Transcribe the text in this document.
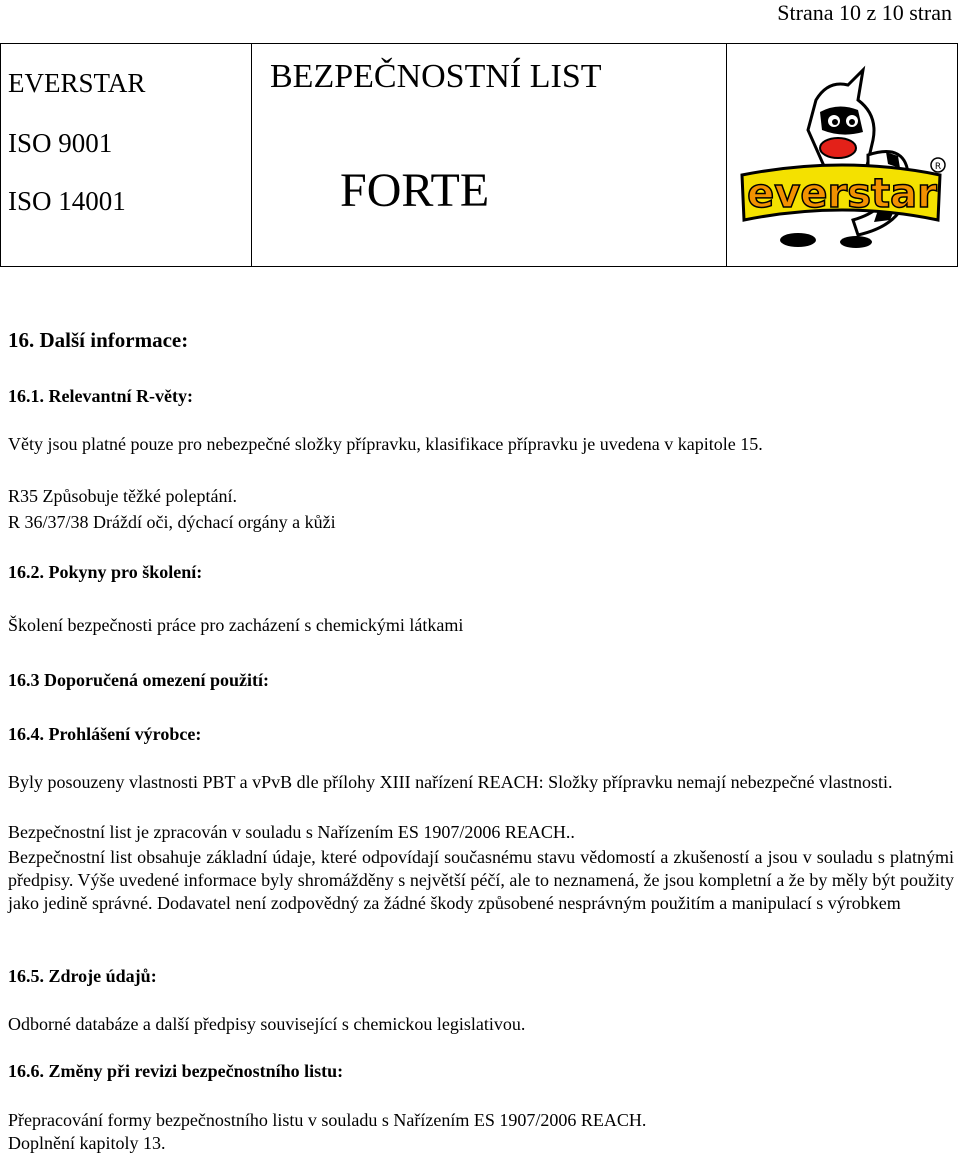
Strana 10 z 10 stran
EVERSTAR
ISO 9001
ISO 14001
BEZPEČNOSTNÍ LIST
FORTE	everstar
R
16. Další informace:
16.1. Relevantní R-věty:
Věty jsou platné pouze pro nebezpečné složky přípravku, klasifikace přípravku je uvedena v kapitole 15.
R35 Způsobuje těžké poleptání.
R 36/37/38 Dráždí oči, dýchací orgány a kůži
16.2. Pokyny pro školení:
Školení bezpečnosti práce pro zacházení s chemickými látkami
16.3 Doporučená omezení použití:
16.4. Prohlášení výrobce:
Byly posouzeny vlastnosti PBT a vPvB dle přílohy XIII nařízení REACH: Složky přípravku nemají nebezpečné vlastnosti.
Bezpečnostní list je zpracován v souladu s Nařízením ES 1907/2006 REACH..
Bezpečnostní list obsahuje základní údaje, které odpovídají současnému stavu vědomostí a zkušeností a jsou v souladu s platnými předpisy. Výše uvedené informace byly shromážděny s největší péčí, ale to neznamená, že jsou kompletní a že by měly být použity jako jedině správné. Dodavatel není zodpovědný za žádné škody způsobené nesprávným použitím a manipulací s výrobkem
16.5. Zdroje údajů:
Odborné databáze a další předpisy související s chemickou legislativou.
16.6. Změny při revizi bezpečnostního listu:
Přepracování formy bezpečnostního listu v souladu s Nařízením ES 1907/2006 REACH.
Doplnění kapitoly 13.
